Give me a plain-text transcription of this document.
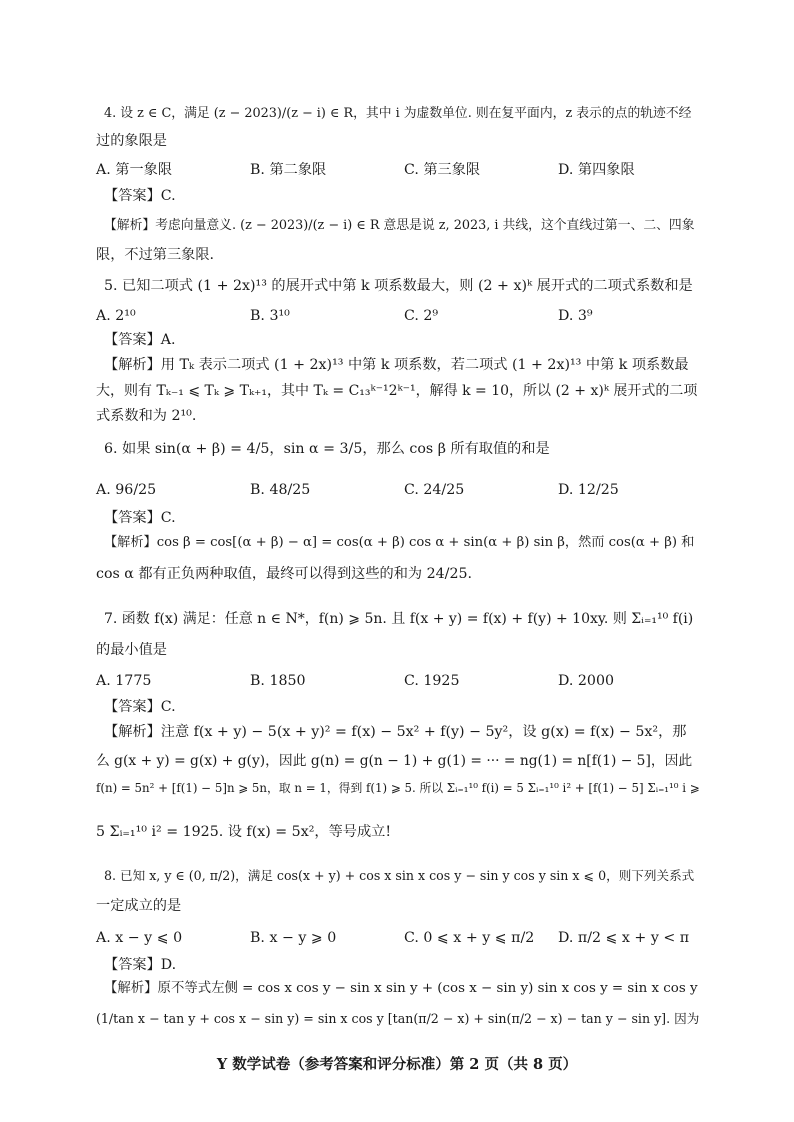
4. 设 z ∈ C，满足 (z − 2023)/(z − i) ∈ R，其中 i 为虚数单位. 则在复平面内，z 表示的点的轨迹不经
过的象限是
A. 第一象限	B. 第二象限	C. 第三象限	D. 第四象限
【答案】C.
【解析】考虑向量意义. (z − 2023)/(z − i) ∈ R 意思是说 z, 2023, i 共线，这个直线过第一、二、四象
限，不过第三象限.
5. 已知二项式 (1 + 2x)¹³ 的展开式中第 k 项系数最大，则 (2 + x)ᵏ 展开式的二项式系数和是
A. 2¹⁰	B. 3¹⁰	C. 2⁹	D. 3⁹
【答案】A.
【解析】用 Tₖ 表示二项式 (1 + 2x)¹³ 中第 k 项系数，若二项式 (1 + 2x)¹³ 中第 k 项系数最
大，则有 Tₖ₋₁ ⩽ Tₖ ⩾ Tₖ₊₁，其中 Tₖ = C₁₃ᵏ⁻¹2ᵏ⁻¹，解得 k = 10，所以 (2 + x)ᵏ 展开式的二项
式系数和为 2¹⁰.
6. 如果 sin(α + β) = 4/5，sin α = 3/5，那么 cos β 所有取值的和是
A. 96/25	B. 48/25	C. 24/25	D. 12/25
【答案】C.
【解析】cos β = cos[(α + β) − α] = cos(α + β) cos α + sin(α + β) sin β，然而 cos(α + β) 和
cos α 都有正负两种取值，最终可以得到这些的和为 24/25.
7. 函数 f(x) 满足：任意 n ∈ N*，f(n) ⩾ 5n. 且 f(x + y) = f(x) + f(y) + 10xy. 则 Σᵢ₌₁¹⁰ f(i)
的最小值是
A. 1775	B. 1850	C. 1925	D. 2000
【答案】C.
【解析】注意 f(x + y) − 5(x + y)² = f(x) − 5x² + f(y) − 5y²，设 g(x) = f(x) − 5x²，那
么 g(x + y) = g(x) + g(y)，因此 g(n) = g(n − 1) + g(1) = ··· = ng(1) = n[f(1) − 5]，因此
f(n) = 5n² + [f(1) − 5]n ⩾ 5n，取 n = 1，得到 f(1) ⩾ 5. 所以 Σᵢ₌₁¹⁰ f(i) = 5 Σᵢ₌₁¹⁰ i² + [f(1) − 5] Σᵢ₌₁¹⁰ i ⩾
5 Σᵢ₌₁¹⁰ i² = 1925. 设 f(x) = 5x²，等号成立!
8. 已知 x, y ∈ (0, π/2)，满足 cos(x + y) + cos x sin x cos y − sin y cos y sin x ⩽ 0，则下列关系式
一定成立的是
A. x − y ⩽ 0	B. x − y ⩾ 0	C. 0 ⩽ x + y ⩽ π/2 D. π/2 ⩽ x + y < π
【答案】D.
【解析】原不等式左侧 = cos x cos y − sin x sin y + (cos x − sin y) sin x cos y = sin x cos y
(1/tan x − tan y + cos x − sin y) = sin x cos y [tan(π/2 − x) + sin(π/2 − x) − tan y − sin y]. 因为
Y 数学试卷（参考答案和评分标准）第 2 页（共 8 页）
